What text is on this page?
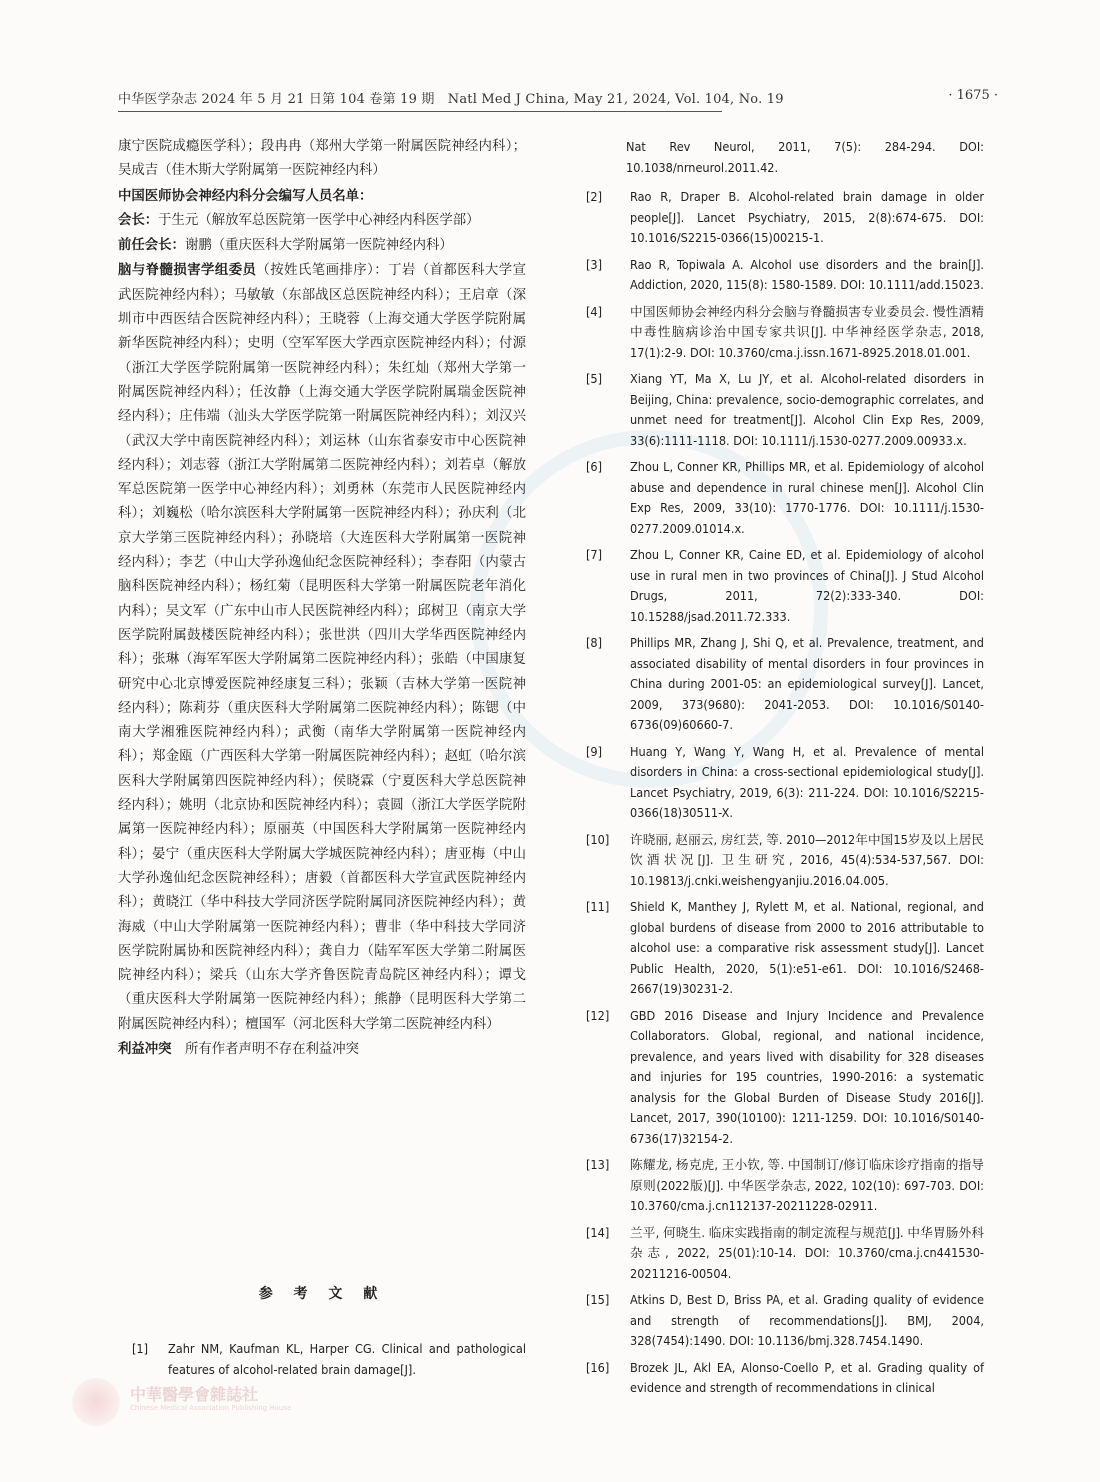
中华医学杂志 2024 年 5 月 21 日第 104 卷第 19 期　Natl Med J China, May 21, 2024, Vol. 104, No. 19	· 1675 ·

康宁医院成瘾医学科）；段冉冉（郑州大学第一附属医院神经内科）；吴成吉（佳木斯大学附属第一医院神经内科）

中国医师协会神经内科分会编写人员名单：

会长：于生元（解放军总医院第一医学中心神经内科医学部）

前任会长：谢鹏（重庆医科大学附属第一医院神经内科）

脑与脊髓损害学组委员（按姓氏笔画排序）：丁岩（首都医科大学宣武医院神经内科）；马敏敏（东部战区总医院神经内科）；王启章（深圳市中西医结合医院神经内科）；王晓蓉（上海交通大学医学院附属新华医院神经内科）；史明（空军军医大学西京医院神经内科）；付源（浙江大学医学院附属第一医院神经内科）；朱红灿（郑州大学第一附属医院神经内科）；任汝静（上海交通大学医学院附属瑞金医院神经内科）；庄伟端（汕头大学医学院第一附属医院神经内科）；刘汉兴（武汉大学中南医院神经内科）；刘运林（山东省泰安市中心医院神经内科）；刘志蓉（浙江大学附属第二医院神经内科）；刘若卓（解放军总医院第一医学中心神经内科）；刘勇林（东莞市人民医院神经内科）；刘巍松（哈尔滨医科大学附属第一医院神经内科）；孙庆利（北京大学第三医院神经内科）；孙晓培（大连医科大学附属第一医院神经内科）；李艺（中山大学孙逸仙纪念医院神经科）；李春阳（内蒙古脑科医院神经内科）；杨红菊（昆明医科大学第一附属医院老年消化内科）；吴文军（广东中山市人民医院神经内科）；邱树卫（南京大学医学院附属鼓楼医院神经内科）；张世洪（四川大学华西医院神经内科）；张琳（海军军医大学附属第二医院神经内科）；张皓（中国康复研究中心北京博爱医院神经康复三科）；张颖（吉林大学第一医院神经内科）；陈莉芬（重庆医科大学附属第二医院神经内科）；陈锶（中南大学湘雅医院神经内科）；武衡（南华大学附属第一医院神经内科）；郑金瓯（广西医科大学第一附属医院神经内科）；赵虹（哈尔滨医科大学附属第四医院神经内科）；侯晓霖（宁夏医科大学总医院神经内科）；姚明（北京协和医院神经内科）；袁圆（浙江大学医学院附属第一医院神经内科）；原丽英（中国医科大学附属第一医院神经内科）；晏宁（重庆医科大学附属大学城医院神经内科）；唐亚梅（中山大学孙逸仙纪念医院神经科）；唐毅（首都医科大学宣武医院神经内科）；黄晓江（华中科技大学同济医学院附属同济医院神经内科）；黄海威（中山大学附属第一医院神经内科）；曹非（华中科技大学同济医学院附属协和医院神经内科）；龚自力（陆军军医大学第二附属医院神经内科）；梁兵（山东大学齐鲁医院青岛院区神经内科）；谭戈（重庆医科大学附属第一医院神经内科）；熊静（昆明医科大学第二附属医院神经内科）；檀国军（河北医科大学第二医院神经内科）

利益冲突　所有作者声明不存在利益冲突

参 考 文 献
[1]	Zahr NM, Kaufman KL, Harper CG. Clinical and pathological features of alcohol-related brain damage[J].
Nat Rev Neurol, 2011, 7(5): 284-294. DOI: 10.1038/nrneurol.2011.42.
[2]	Rao R, Draper B. Alcohol-related brain damage in older people[J]. Lancet Psychiatry, 2015, 2(8):674-675. DOI: 10.1016/S2215-0366(15)00215-1.
[3]	Rao R, Topiwala A. Alcohol use disorders and the brain[J]. Addiction, 2020, 115(8): 1580-1589. DOI: 10.1111/add.15023.
[4]	中国医师协会神经内科分会脑与脊髓损害专业委员会. 慢性酒精中毒性脑病诊治中国专家共识[J]. 中华神经医学杂志, 2018, 17(1):2-9. DOI: 10.3760/cma.j.issn.1671-8925.2018.01.001.
[5]	Xiang YT, Ma X, Lu JY, et al. Alcohol-related disorders in Beijing, China: prevalence, socio-demographic correlates, and unmet need for treatment[J]. Alcohol Clin Exp Res, 2009, 33(6):1111-1118. DOI: 10.1111/j.1530-0277.2009.00933.x.
[6]	Zhou L, Conner KR, Phillips MR, et al. Epidemiology of alcohol abuse and dependence in rural chinese men[J]. Alcohol Clin Exp Res, 2009, 33(10): 1770-1776. DOI: 10.1111/j.1530-0277.2009.01014.x.
[7]	Zhou L, Conner KR, Caine ED, et al. Epidemiology of alcohol use in rural men in two provinces of China[J]. J Stud Alcohol Drugs, 2011, 72(2):333-340. DOI: 10.15288/jsad.2011.72.333.
[8]	Phillips MR, Zhang J, Shi Q, et al. Prevalence, treatment, and associated disability of mental disorders in four provinces in China during 2001-05: an epidemiological survey[J]. Lancet, 2009, 373(9680): 2041-2053. DOI: 10.1016/S0140-6736(09)60660-7.
[9]	Huang Y, Wang Y, Wang H, et al. Prevalence of mental disorders in China: a cross-sectional epidemiological study[J]. Lancet Psychiatry, 2019, 6(3): 211-224. DOI: 10.1016/S2215-0366(18)30511-X.
[10]	许晓丽, 赵丽云, 房红芸, 等. 2010—2012年中国15岁及以上居民饮酒状况[J]. 卫生研究, 2016, 45(4):534-537,567. DOI: 10.19813/j.cnki.weishengyanjiu.2016.04.005.
[11]	Shield K, Manthey J, Rylett M, et al. National, regional, and global burdens of disease from 2000 to 2016 attributable to alcohol use: a comparative risk assessment study[J]. Lancet Public Health, 2020, 5(1):e51-e61. DOI: 10.1016/S2468-2667(19)30231-2.
[12]	GBD 2016 Disease and Injury Incidence and Prevalence Collaborators. Global, regional, and national incidence, prevalence, and years lived with disability for 328 diseases and injuries for 195 countries, 1990-2016: a systematic analysis for the Global Burden of Disease Study 2016[J]. Lancet, 2017, 390(10100): 1211-1259. DOI: 10.1016/S0140-6736(17)32154-2.
[13]	陈耀龙, 杨克虎, 王小钦, 等. 中国制订/修订临床诊疗指南的指导原则(2022版)[J]. 中华医学杂志, 2022, 102(10): 697-703. DOI: 10.3760/cma.j.cn112137-20211228-02911.
[14]	兰平, 何晓生. 临床实践指南的制定流程与规范[J]. 中华胃肠外科杂志, 2022, 25(01):10-14. DOI: 10.3760/cma.j.cn441530-20211216-00504.
[15]	Atkins D, Best D, Briss PA, et al. Grading quality of evidence and strength of recommendations[J]. BMJ, 2004, 328(7454):1490. DOI: 10.1136/bmj.328.7454.1490.
[16]	Brozek JL, Akl EA, Alonso-Coello P, et al. Grading quality of evidence and strength of recommendations in clinical
中華醫學會雜誌社
Chinese Medical Association Publishing House
